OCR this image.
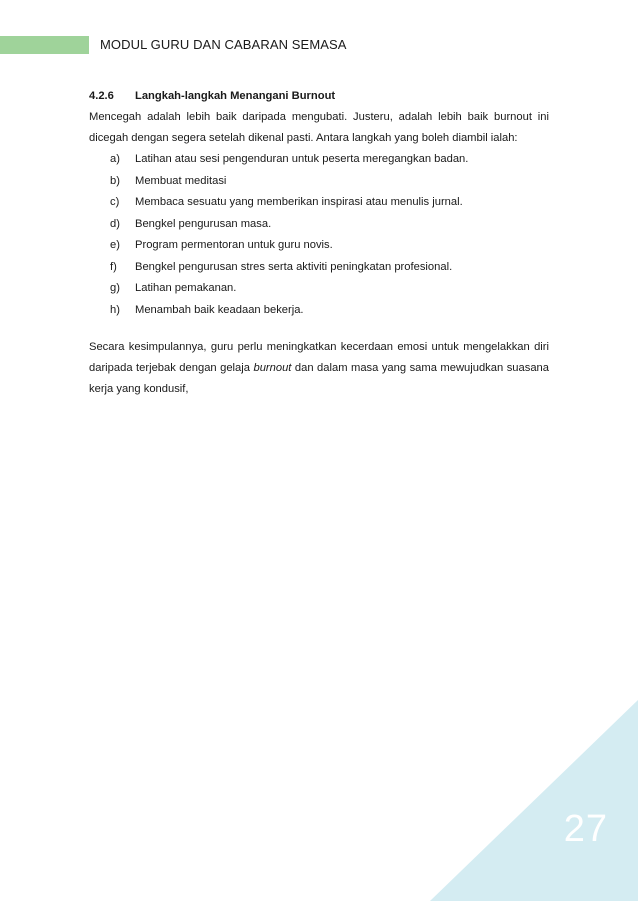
MODUL GURU DAN CABARAN SEMASA
4.2.6 Langkah-langkah Menangani Burnout
Mencegah adalah lebih baik daripada mengubati. Justeru, adalah lebih baik burnout ini dicegah dengan segera setelah dikenal pasti. Antara langkah yang boleh diambil ialah:
a) Latihan atau sesi pengenduran untuk peserta meregangkan badan.
b) Membuat meditasi
c) Membaca sesuatu yang memberikan inspirasi atau menulis jurnal.
d) Bengkel pengurusan masa.
e) Program permentoran untuk guru novis.
f) Bengkel pengurusan stres serta aktiviti peningkatan profesional.
g) Latihan pemakanan.
h) Menambah baik keadaan bekerja.
Secara kesimpulannya, guru perlu meningkatkan kecerdaan emosi untuk mengelakkan diri daripada terjebak dengan gelaja burnout dan dalam masa yang sama mewujudkan suasana kerja yang kondusif,
27
